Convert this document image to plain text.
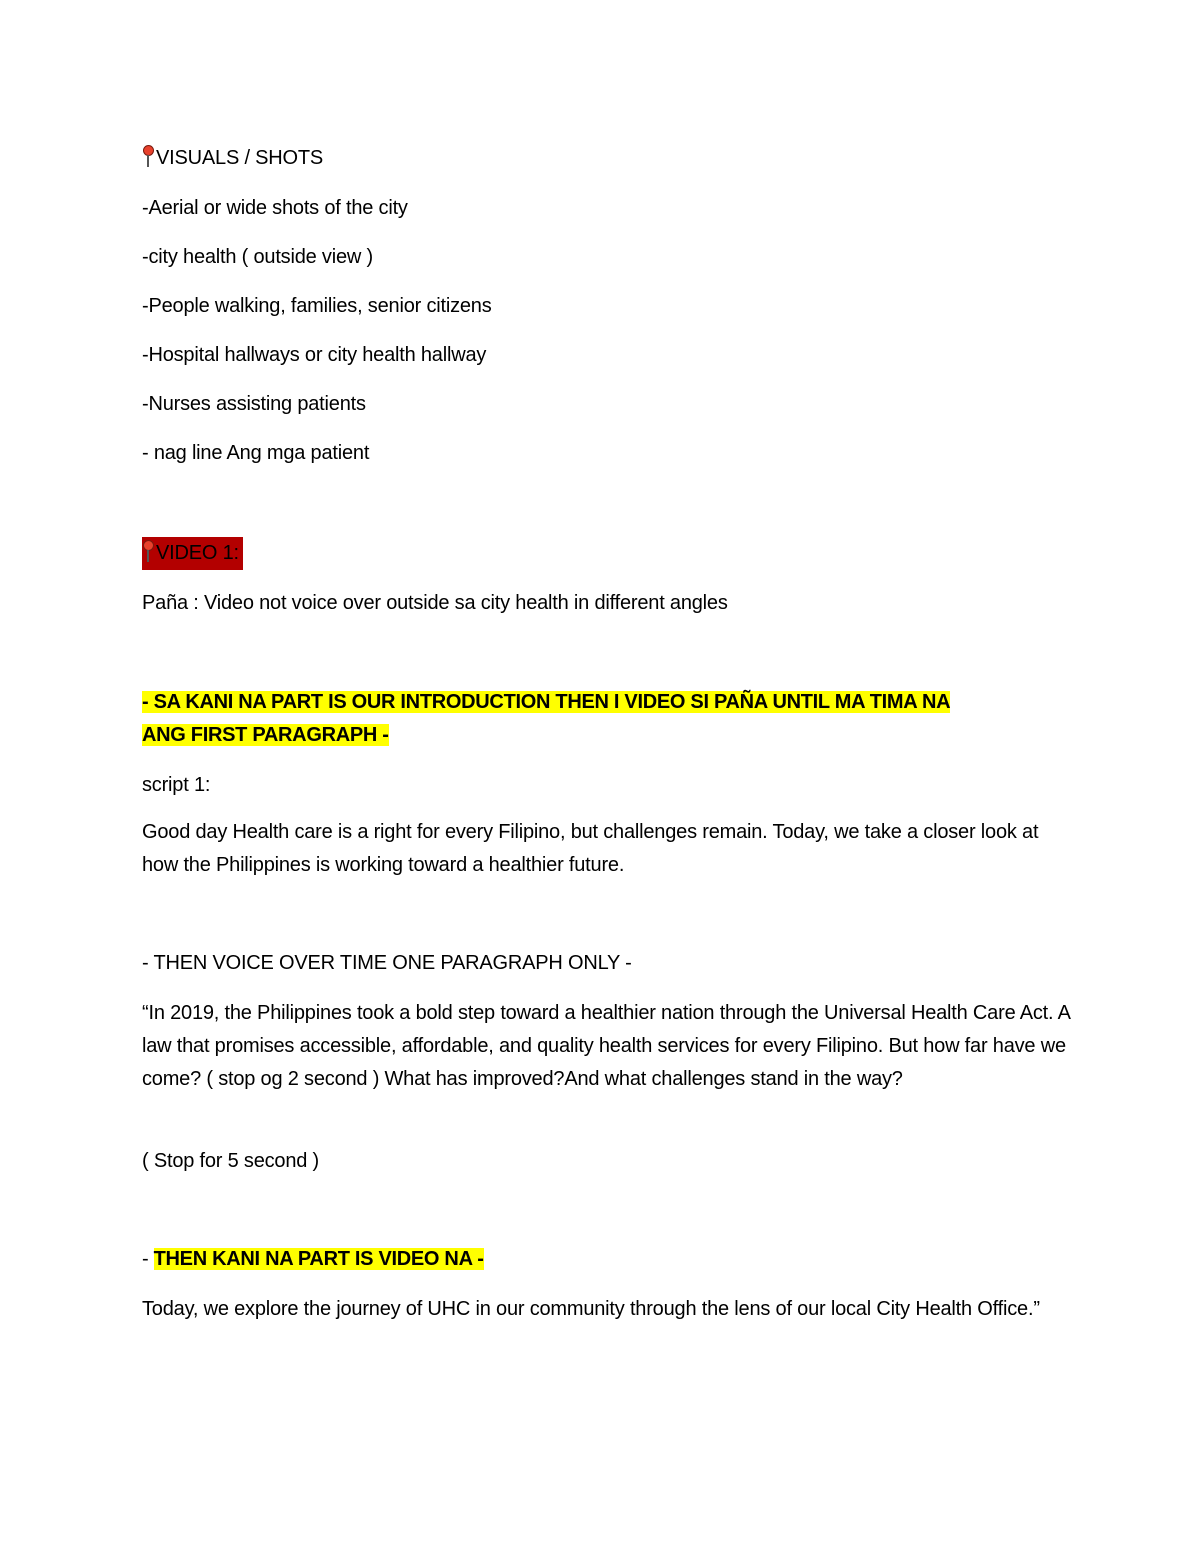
VISUALS / SHOTS
-Aerial or wide shots of the city
-city health ( outside view )
-People walking, families, senior citizens
-Hospital hallways or city health hallway
-Nurses assisting patients
- nag line Ang mga patient
VIDEO 1:
Paña : Video not voice over outside sa city health in different angles
- SA KANI NA PART IS OUR INTRODUCTION THEN I VIDEO SI PAÑA UNTIL MA TIMA NA
ANG FIRST PARAGRAPH -
script 1:
Good day Health care is a right for every Filipino, but challenges remain. Today, we take a closer look at how the Philippines is working toward a healthier future.
- THEN VOICE OVER TIME ONE PARAGRAPH ONLY -
“In 2019, the Philippines took a bold step toward a healthier nation through the Universal Health Care Act. A law that promises accessible, affordable, and quality health services for every Filipino. But how far have we come? ( stop og 2 second ) What has improved?And what challenges stand in the way?
( Stop for 5 second )
- THEN KANI NA PART IS VIDEO NA -
Today, we explore the journey of UHC in our community through the lens of our local City Health Office.”
